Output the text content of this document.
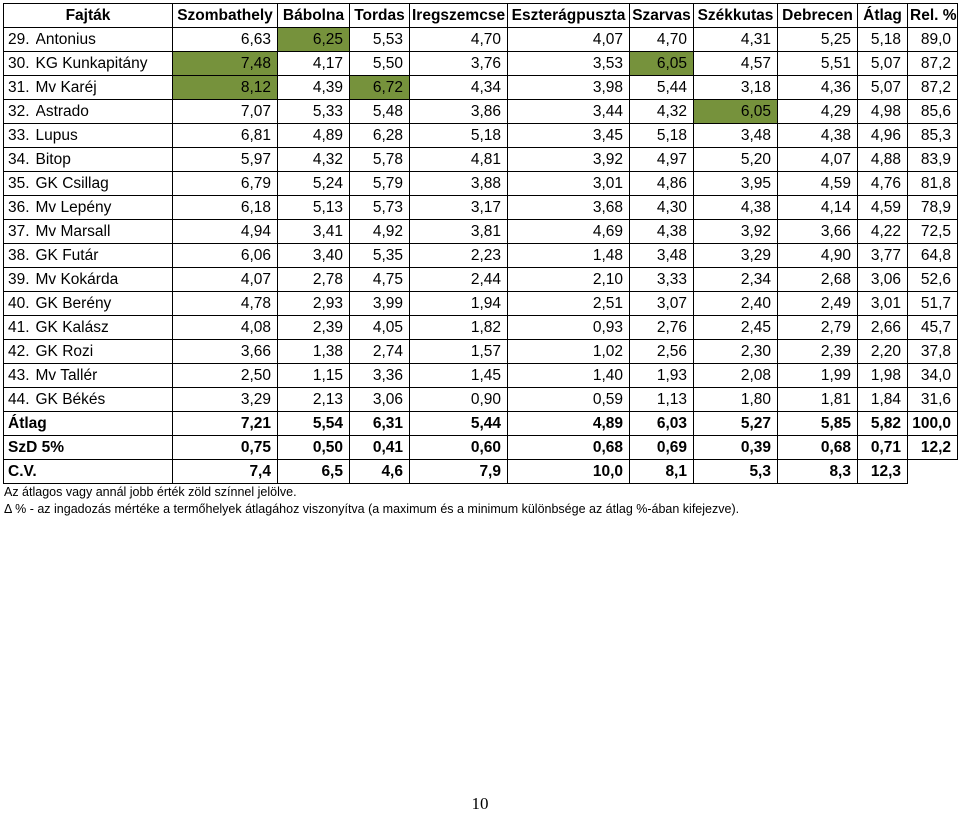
Fajták		Szombathely	Bábolna	Tordas	Iregszemcse	Eszterágpuszta	Szarvas	Székkutas	Debrecen	Átlag	Rel. %
29.	Antonius	6,63	6,25	5,53	4,70	4,07	4,70	4,31	5,25	5,18	89,0
30.	KG Kunkapitány	7,48	4,17	5,50	3,76	3,53	6,05	4,57	5,51	5,07	87,2
31.	Mv Karéj	8,12	4,39	6,72	4,34	3,98	5,44	3,18	4,36	5,07	87,2
32.	Astrado	7,07	5,33	5,48	3,86	3,44	4,32	6,05	4,29	4,98	85,6
33.	Lupus	6,81	4,89	6,28	5,18	3,45	5,18	3,48	4,38	4,96	85,3
34.	Bitop	5,97	4,32	5,78	4,81	3,92	4,97	5,20	4,07	4,88	83,9
35.	GK Csillag	6,79	5,24	5,79	3,88	3,01	4,86	3,95	4,59	4,76	81,8
36.	Mv Lepény	6,18	5,13	5,73	3,17	3,68	4,30	4,38	4,14	4,59	78,9
37.	Mv Marsall	4,94	3,41	4,92	3,81	4,69	4,38	3,92	3,66	4,22	72,5
38.	GK Futár	6,06	3,40	5,35	2,23	1,48	3,48	3,29	4,90	3,77	64,8
39.	Mv Kokárda	4,07	2,78	4,75	2,44	2,10	3,33	2,34	2,68	3,06	52,6
40.	GK Berény	4,78	2,93	3,99	1,94	2,51	3,07	2,40	2,49	3,01	51,7
41.	GK Kalász	4,08	2,39	4,05	1,82	0,93	2,76	2,45	2,79	2,66	45,7
42.	GK Rozi	3,66	1,38	2,74	1,57	1,02	2,56	2,30	2,39	2,20	37,8
43.	Mv Tallér	2,50	1,15	3,36	1,45	1,40	1,93	2,08	1,99	1,98	34,0
44.	GK Békés	3,29	2,13	3,06	0,90	0,59	1,13	1,80	1,81	1,84	31,6
Átlag		7,21	5,54	6,31	5,44	4,89	6,03	5,27	5,85	5,82	100,0
SzD 5%		0,75	0,50	0,41	0,60	0,68	0,69	0,39	0,68	0,71	12,2
C.V.		7,4	6,5	4,6	7,9	10,0	8,1	5,3	8,3	12,3	

Az átlagos vagy annál jobb érték zöld színnel jelölve.

Δ % - az ingadozás mértéke a termőhelyek átlagához viszonyítva (a maximum és a minimum különbsége az átlag %-ában kifejezve).

10
